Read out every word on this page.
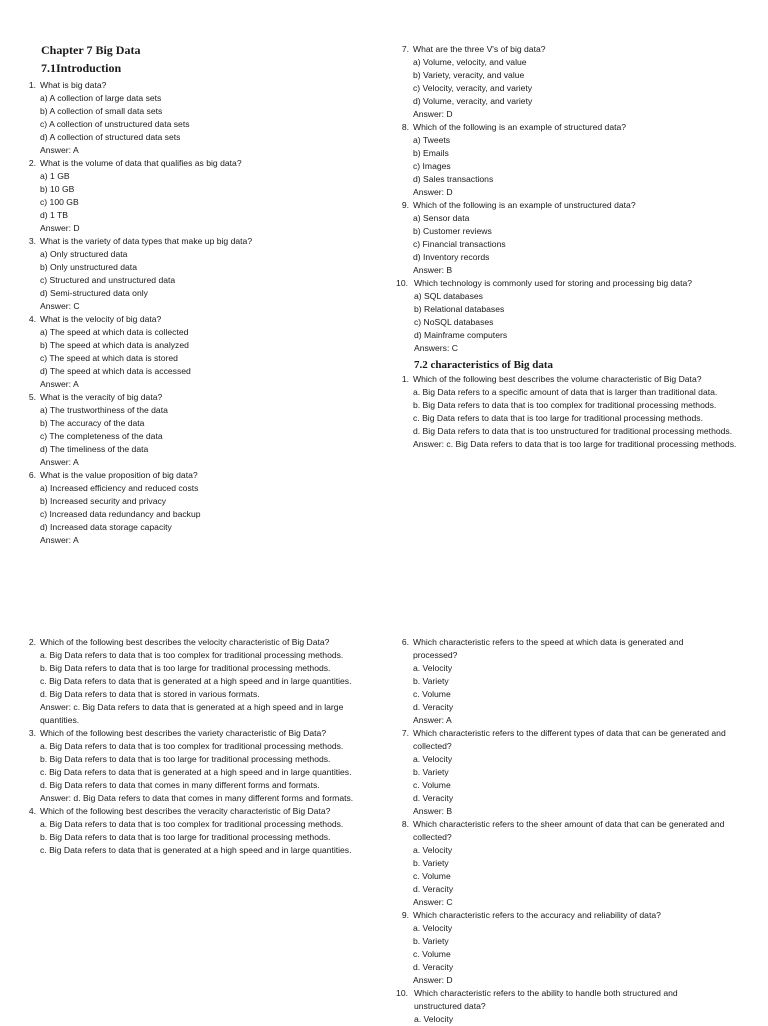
Chapter 7 Big Data
7.1Introduction
1. What is big data?
a) A collection of large data sets
b) A collection of small data sets
c) A collection of unstructured data sets
d) A collection of structured data sets
Answer: A
2. What is the volume of data that qualifies as big data?
a) 1 GB
b) 10 GB
c) 100 GB
d) 1 TB
Answer: D
3. What is the variety of data types that make up big data?
a) Only structured data
b) Only unstructured data
c) Structured and unstructured data
d) Semi-structured data only
Answer: C
4. What is the velocity of big data?
a) The speed at which data is collected
b) The speed at which data is analyzed
c) The speed at which data is stored
d) The speed at which data is accessed
Answer: A
5. What is the veracity of big data?
a) The trustworthiness of the data
b) The accuracy of the data
c) The completeness of the data
d) The timeliness of the data
Answer: A
6. What is the value proposition of big data?
a) Increased efficiency and reduced costs
b) Increased security and privacy
c) Increased data redundancy and backup
d) Increased data storage capacity
Answer: A
7. What are the three V's of big data?
a) Volume, velocity, and value
b) Variety, veracity, and value
c) Velocity, veracity, and variety
d) Volume, veracity, and variety
Answer: D
8. Which of the following is an example of structured data?
a) Tweets
b) Emails
c) Images
d) Sales transactions
Answer: D
9. Which of the following is an example of unstructured data?
a) Sensor data
b) Customer reviews
c) Financial transactions
d) Inventory records
Answer: B
10. Which technology is commonly used for storing and processing big data?
a) SQL databases
b) Relational databases
c) NoSQL databases
d) Mainframe computers
Answers: C
7.2 characteristics of Big data
1. Which of the following best describes the volume characteristic of Big Data?
a. Big Data refers to a specific amount of data that is larger than traditional data.
b. Big Data refers to data that is too complex for traditional processing methods.
c. Big Data refers to data that is too large for traditional processing methods.
d. Big Data refers to data that is too unstructured for traditional processing methods.
Answer: c. Big Data refers to data that is too large for traditional processing methods.
2. Which of the following best describes the velocity characteristic of Big Data?
a. Big Data refers to data that is too complex for traditional processing methods.
b. Big Data refers to data that is too large for traditional processing methods.
c. Big Data refers to data that is generated at a high speed and in large quantities.
d. Big Data refers to data that is stored in various formats.
Answer: c. Big Data refers to data that is generated at a high speed and in large quantities.
3. Which of the following best describes the variety characteristic of Big Data?
a. Big Data refers to data that is too complex for traditional processing methods.
b. Big Data refers to data that is too large for traditional processing methods.
c. Big Data refers to data that is generated at a high speed and in large quantities.
d. Big Data refers to data that comes in many different forms and formats.
Answer: d. Big Data refers to data that comes in many different forms and formats.
4. Which of the following best describes the veracity characteristic of Big Data?
a. Big Data refers to data that is too complex for traditional processing methods.
b. Big Data refers to data that is too large for traditional processing methods.
c. Big Data refers to data that is generated at a high speed and in large quantities.
6. Which characteristic refers to the speed at which data is generated and processed?
a. Velocity
b. Variety
c. Volume
d. Veracity
Answer: A
7. Which characteristic refers to the different types of data that can be generated and collected?
a. Velocity
b. Variety
c. Volume
d. Veracity
Answer: B
8. Which characteristic refers to the sheer amount of data that can be generated and collected?
a. Velocity
b. Variety
c. Volume
d. Veracity
Answer: C
9. Which characteristic refers to the accuracy and reliability of data?
a. Velocity
b. Variety
c. Volume
d. Veracity
Answer: D
10. Which characteristic refers to the ability to handle both structured and unstructured data?
a. Velocity
